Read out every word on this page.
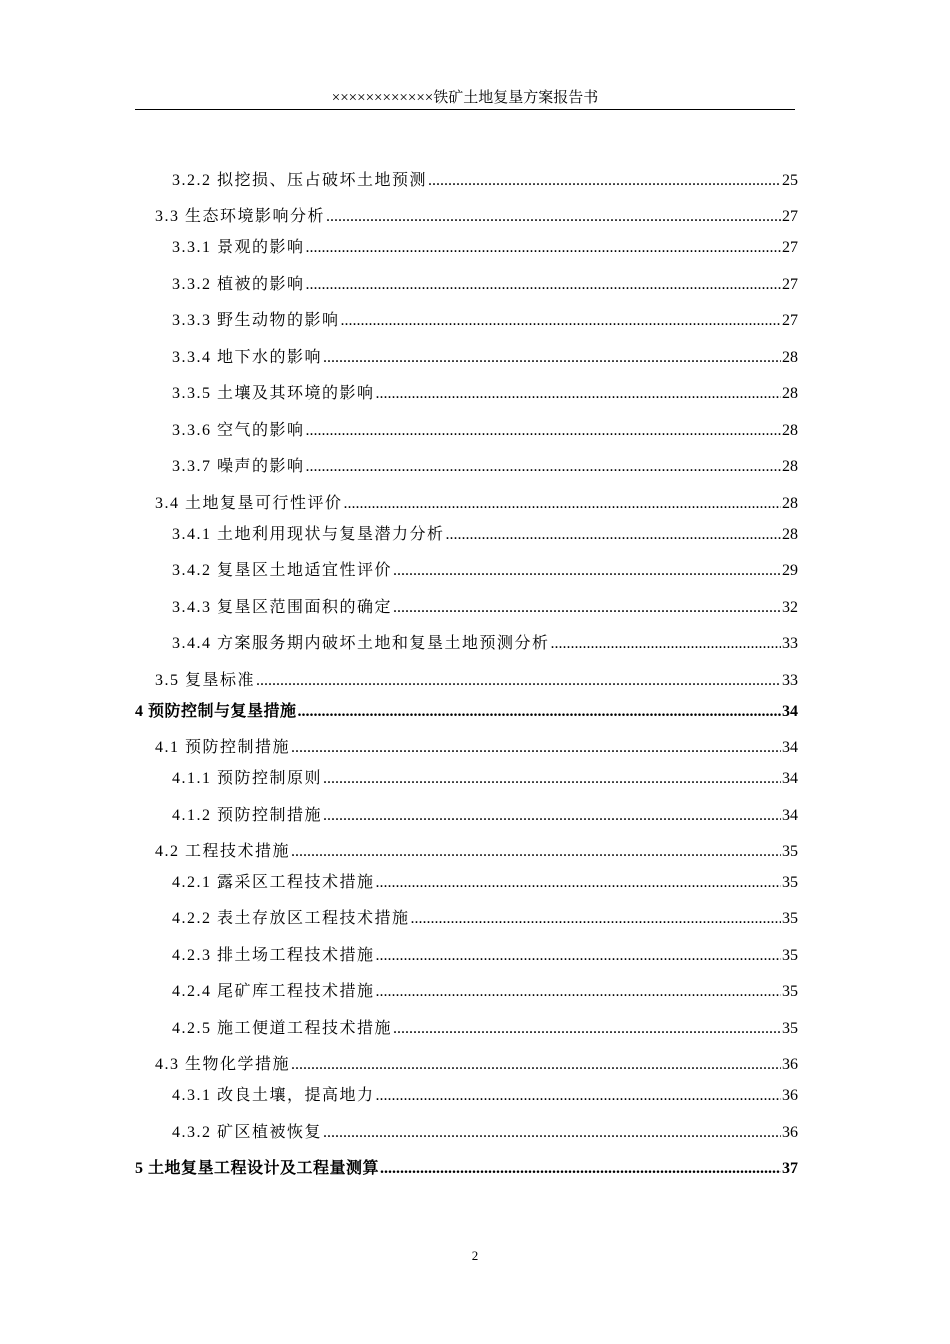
××××××××××××铁矿土地复垦方案报告书
3.2.2 拟挖损、压占破坏土地预测 .....	25
3.3 生态环境影响分析 .....	27
3.3.1 景观的影响 .....	27
3.3.2 植被的影响 .....	27
3.3.3 野生动物的影响 .....	27
3.3.4 地下水的影响 .....	28
3.3.5 土壤及其环境的影响 .....	28
3.3.6 空气的影响 .....	28
3.3.7 噪声的影响 .....	28
3.4 土地复垦可行性评价 .....	28
3.4.1 土地利用现状与复垦潜力分析 .....	28
3.4.2 复垦区土地适宜性评价 .....	29
3.4.3 复垦区范围面积的确定 .....	32
3.4.4 方案服务期内破坏土地和复垦土地预测分析 .....	33
3.5 复垦标准 .....	33
4 预防控制与复垦措施 .....	34
4.1 预防控制措施 .....	34
4.1.1 预防控制原则 .....	34
4.1.2 预防控制措施 .....	34
4.2 工程技术措施 .....	35
4.2.1 露采区工程技术措施 .....	35
4.2.2 表土存放区工程技术措施 .....	35
4.2.3 排土场工程技术措施 .....	35
4.2.4 尾矿库工程技术措施 .....	35
4.2.5 施工便道工程技术措施 .....	35
4.3 生物化学措施 .....	36
4.3.1 改良土壤，提高地力 .....	36
4.3.2 矿区植被恢复 .....	36
5 土地复垦工程设计及工程量测算 .....	37
2
